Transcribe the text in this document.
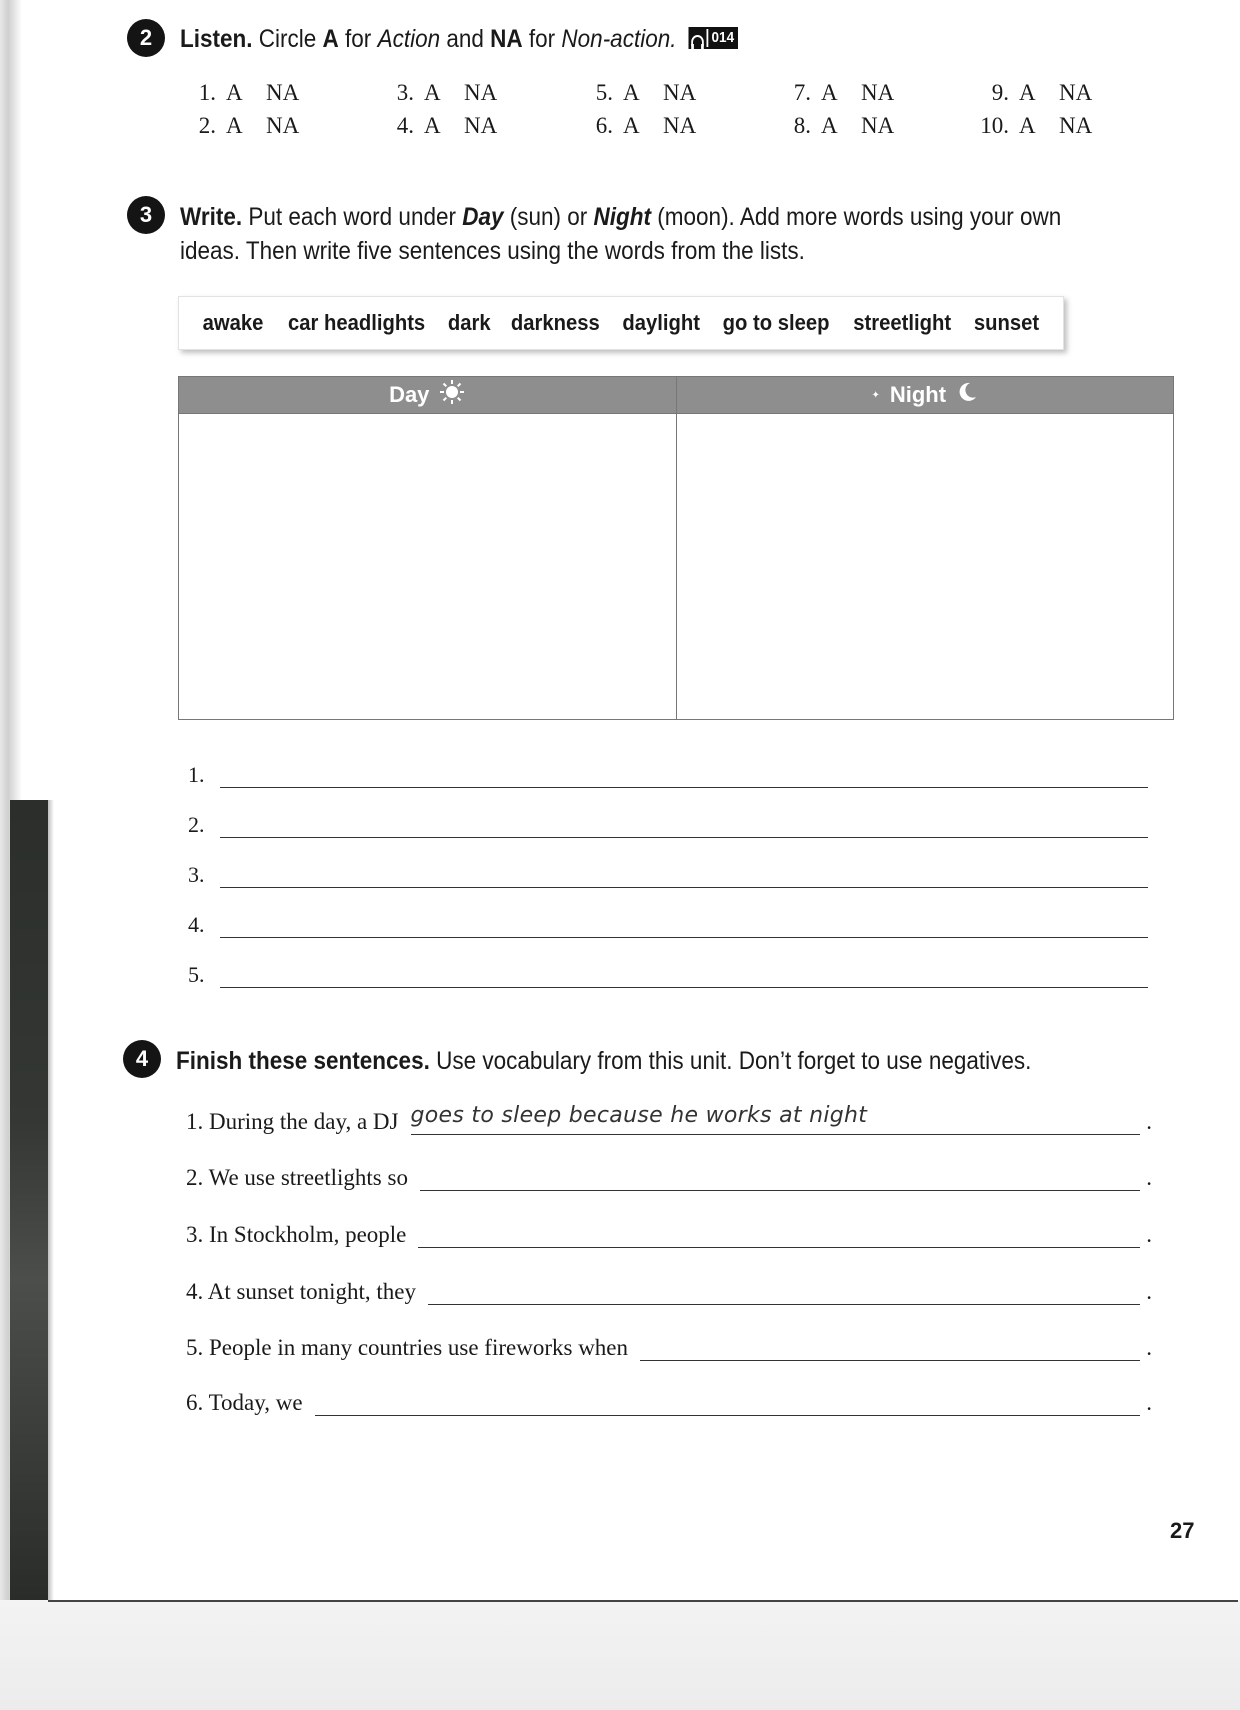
2	Listen. Circle A for Action and NA for Non-action. 014
1. A	NA
2. A	NA
3. A	NA
4. A	NA
5. A	NA
6. A	NA
7. A	NA
8. A	NA
9. A	NA
10. A	NA
3	Write. Put each word under Day (sun) or Night (moon). Add more words using your own
ideas. Then write five sentences using the words from the lists.
awake car headlights dark darkness daylight go to sleep streetlight sunset
Day	✦ Night
1.
2.
3.
4.
5.
4	Finish these sentences. Use vocabulary from this unit. Don’t forget to use negatives.
1. During the day, a DJ goes to sleep because he works at night	.
2. We use streetlights so	.
3. In Stockholm, people	.
4. At sunset tonight, they	.
5. People in many countries use fireworks when	.
6. Today, we	.
27
